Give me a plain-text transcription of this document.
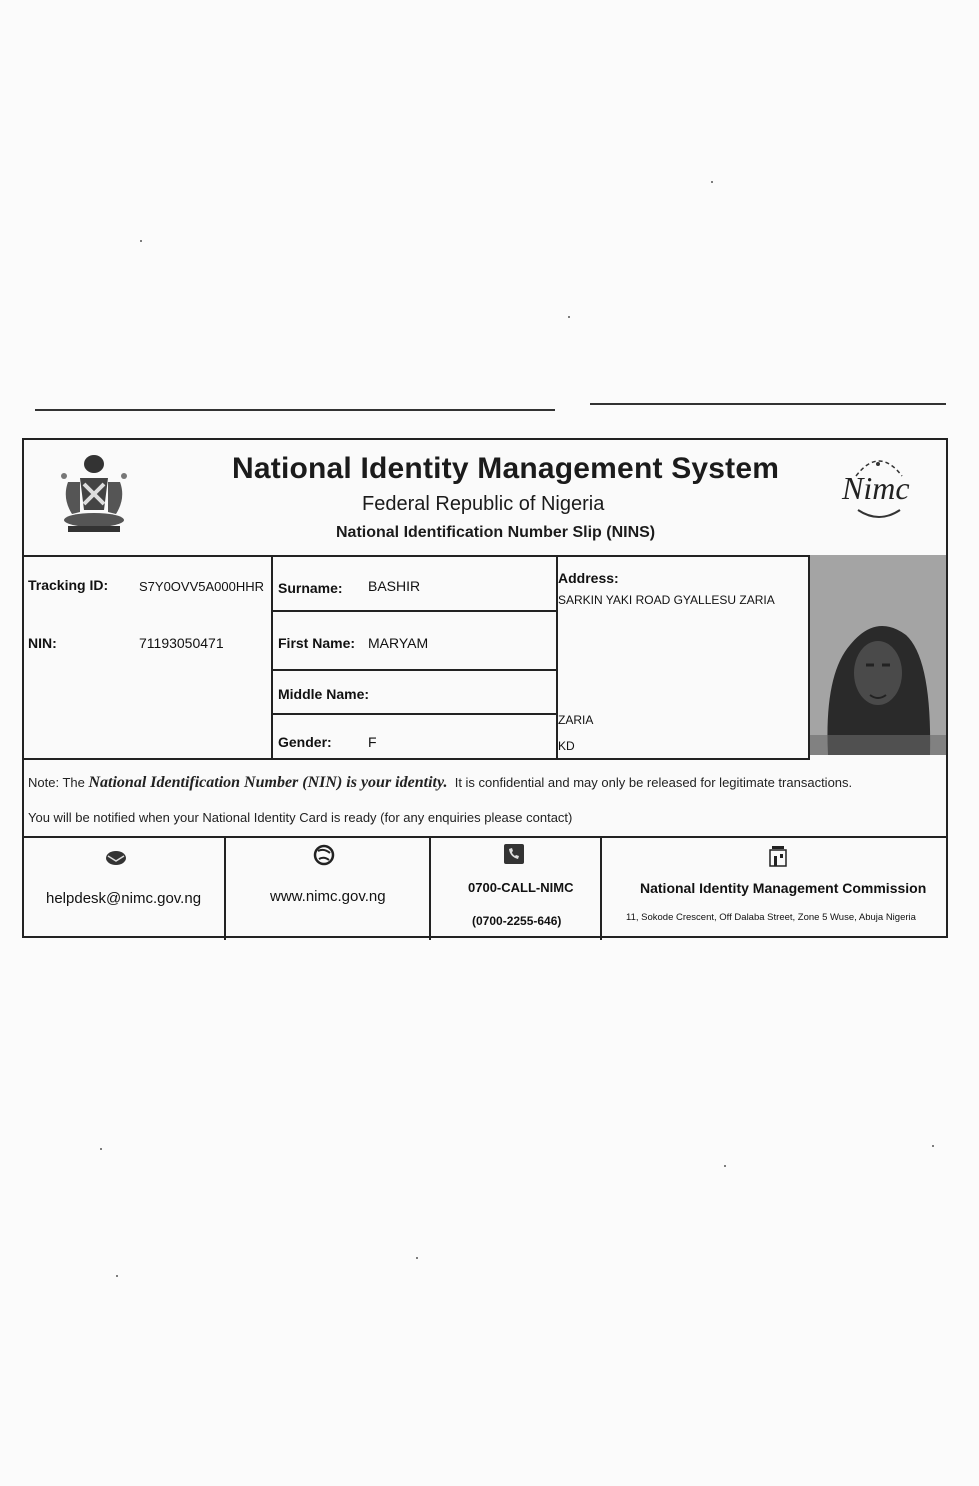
National Identity Management System
Federal Republic of Nigeria
National Identification Number Slip (NINS)
Nimc
Tracking ID: S7Y0OVV5A000HHR
NIN:	71193050471
Surname: BASHIR
First Name: MARYAM
Middle Name:
Gender:	F
Address:
SARKIN YAKI ROAD GYALLESU ZARIA
ZARIA
KD
Note: The National Identification Number (NIN) is your identity. It is confidential and may only be released for legitimate transactions.
You will be notified when your National Identity Card is ready (for any enquiries please contact)
helpdesk@nimc.gov.ng	www.nimc.gov.ng
0700-CALL-NIMC
(0700-2255-646)
National Identity Management Commission
11, Sokode Crescent, Off Dalaba Street, Zone 5 Wuse, Abuja Nigeria
